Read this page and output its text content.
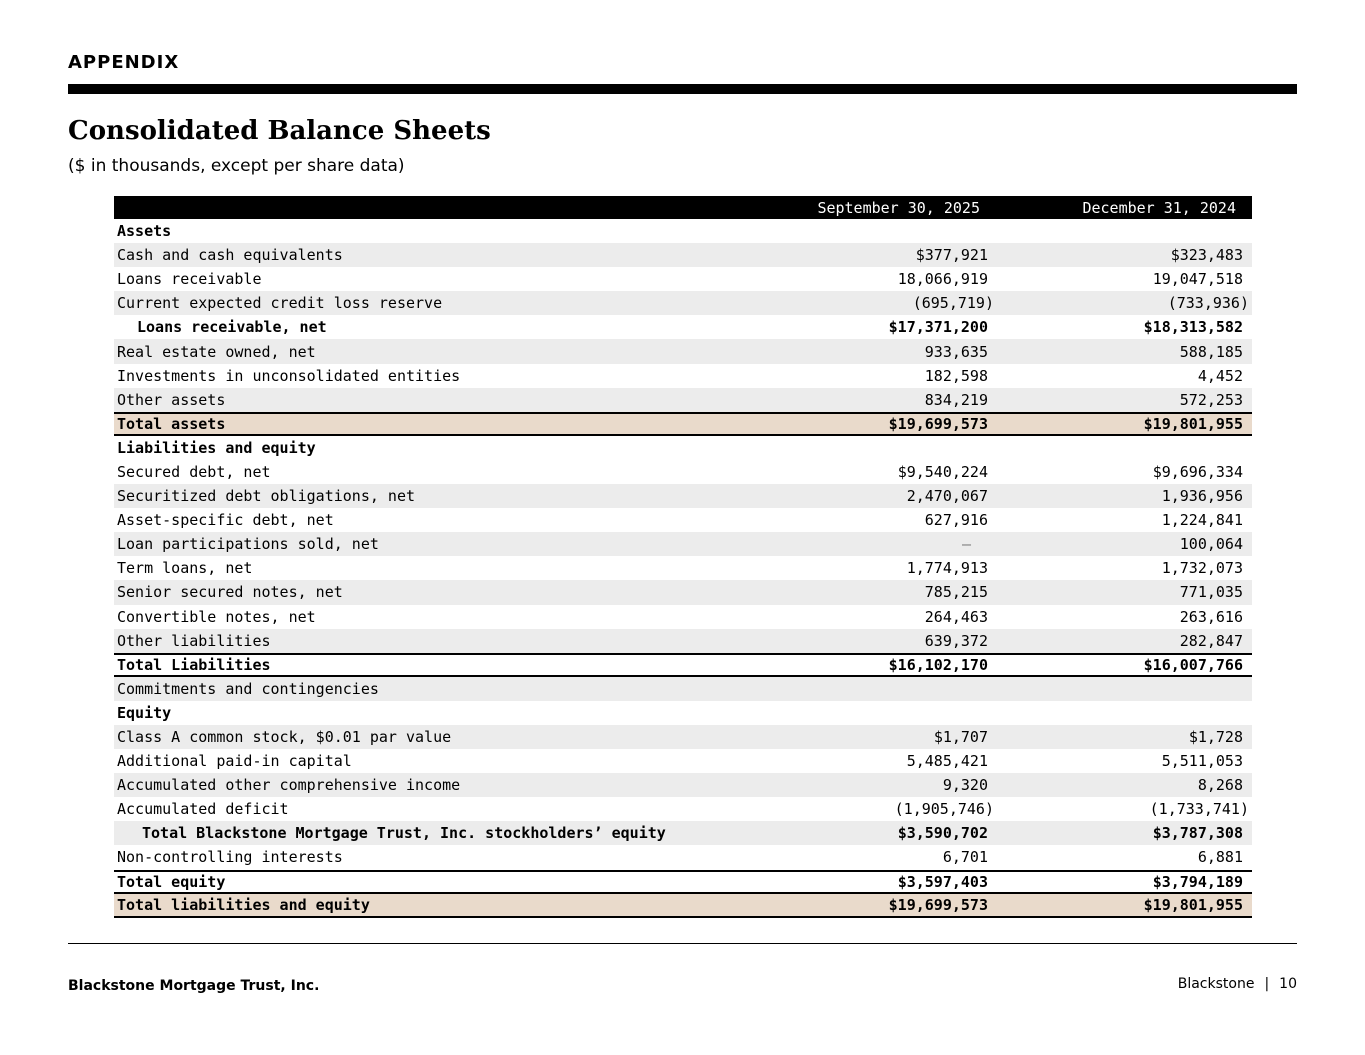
APPENDIX
Consolidated Balance Sheets
($ in thousands, except per share data)
September 30, 2025	December 31, 2024
Assets
Cash and cash equivalents	$377,921	$323,483
Loans receivable	18,066,919	19,047,518
Current expected credit loss reserve	(695,719)	(733,936)
Loans receivable, net	$17,371,200	$18,313,582
Real estate owned, net	933,635	588,185
Investments in unconsolidated entities	182,598	4,452
Other assets	834,219	572,253
Total assets	$19,699,573	$19,801,955
Liabilities and equity
Secured debt, net	$9,540,224	$9,696,334
Securitized debt obligations, net	2,470,067	1,936,956
Asset-specific debt, net	627,916	1,224,841
Loan participations sold, net	—	100,064
Term loans, net	1,774,913	1,732,073
Senior secured notes, net	785,215	771,035
Convertible notes, net	264,463	263,616
Other liabilities	639,372	282,847
Total Liabilities	$16,102,170	$16,007,766
Commitments and contingencies
Equity
Class A common stock, $0.01 par value	$1,707	$1,728
Additional paid-in capital	5,485,421	5,511,053
Accumulated other comprehensive income	9,320	8,268
Accumulated deficit	(1,905,746)	(1,733,741)
Total Blackstone Mortgage Trust, Inc. stockholders’ equity	$3,590,702	$3,787,308
Non-controlling interests	6,701	6,881
Total equity	$3,597,403	$3,794,189
Total liabilities and equity	$19,699,573	$19,801,955
Blackstone Mortgage Trust, Inc.	Blackstone | 10
